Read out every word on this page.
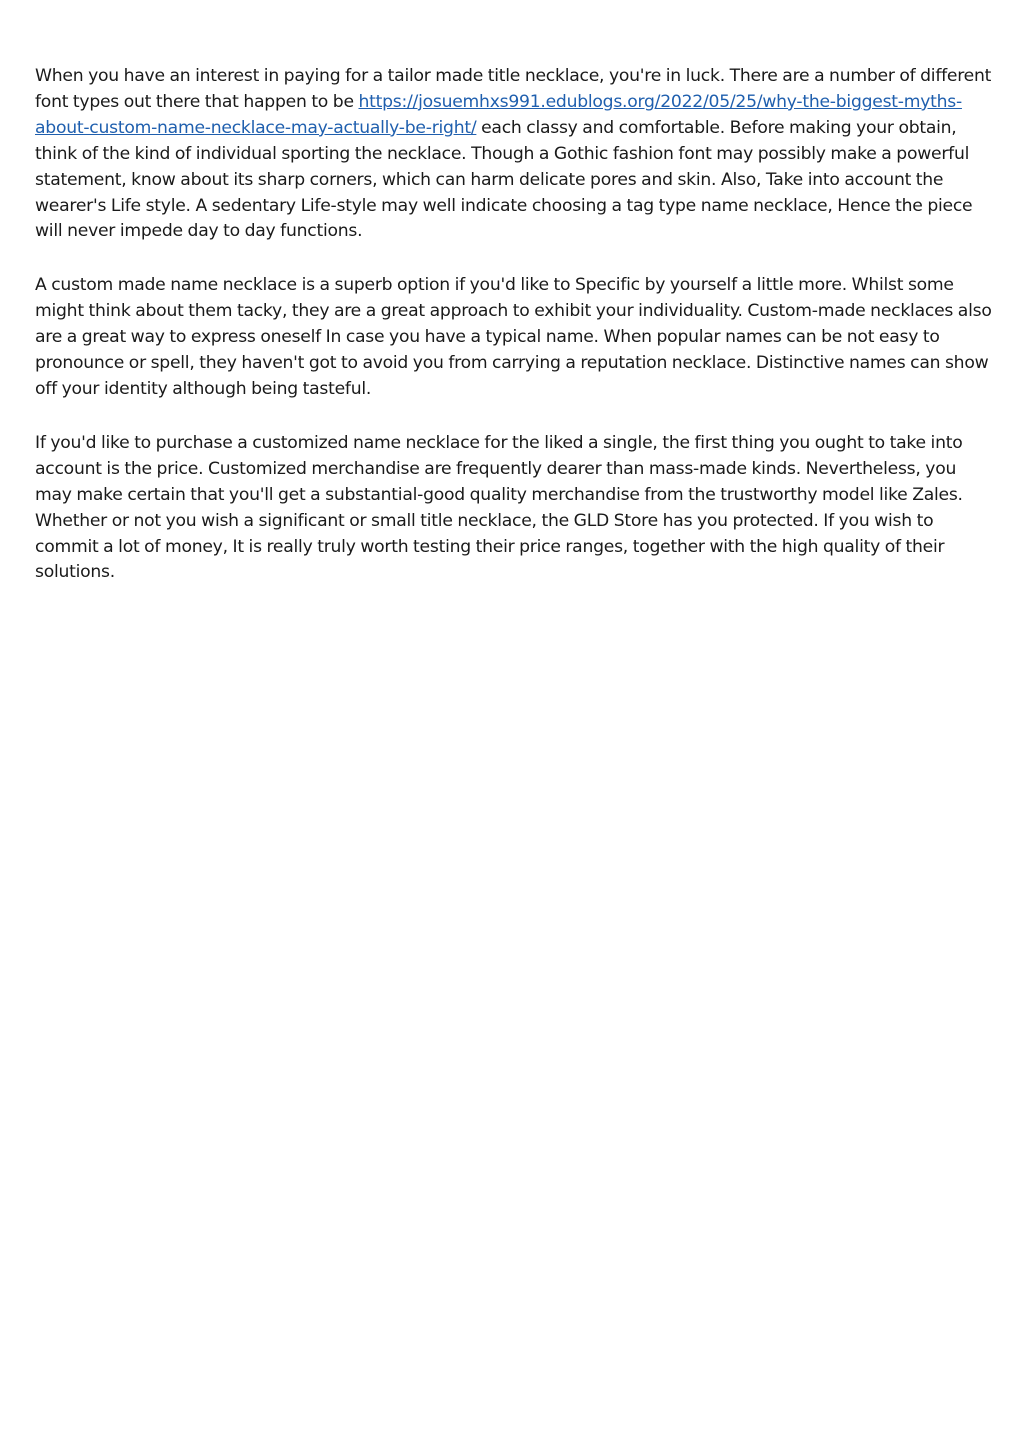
When you have an interest in paying for a tailor made title necklace, you're in luck. There are a number of different font types out there that happen to be https://josuemhxs991.edublogs.org/2022/05/25/why-the-biggest-myths-about-custom-name-necklace-may-actually-be-right/ each classy and comfortable. Before making your obtain, think of the kind of individual sporting the necklace. Though a Gothic fashion font may possibly make a powerful statement, know about its sharp corners, which can harm delicate pores and skin. Also, Take into account the wearer's Life style. A sedentary Life-style may well indicate choosing a tag type name necklace, Hence the piece will never impede day to day functions.

A custom made name necklace is a superb option if you'd like to Specific by yourself a little more. Whilst some might think about them tacky, they are a great approach to exhibit your individuality. Custom-made necklaces also are a great way to express oneself In case you have a typical name. When popular names can be not easy to pronounce or spell, they haven't got to avoid you from carrying a reputation necklace. Distinctive names can show off your identity although being tasteful.

If you'd like to purchase a customized name necklace for the liked a single, the first thing you ought to take into account is the price. Customized merchandise are frequently dearer than mass-made kinds. Nevertheless, you may make certain that you'll get a substantial-good quality merchandise from the trustworthy model like Zales. Whether or not you wish a significant or small title necklace, the GLD Store has you protected. If you wish to commit a lot of money, It is really truly worth testing their price ranges, together with the high quality of their solutions.
